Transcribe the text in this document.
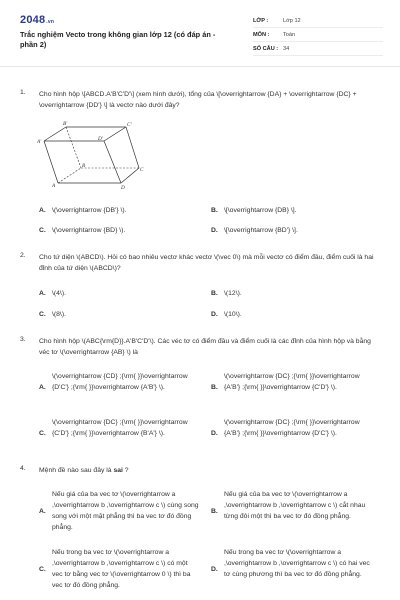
2048.vn
Trắc nghiệm Vecto trong không gian lớp 12 (có đáp án - phần 2)
LỚP :	Lớp 12
MÔN :	Toán
SỐ CÂU : 34
1. Cho hình hộp \[ABCD.A'B'C'D'\] (xem hình dưới), tổng của \[\overrightarrow {DA} + \overrightarrow {DC} + \overrightarrow {DD'} \] là vectơ nào dưới đây?
A. \(\overrightarrow {DB'} \).	B. \[\overrightarrow {DB} \].
C. \(\overrightarrow {BD} \).	D. \[\overrightarrow {BD'} \].
B'	C'
A'	D'
B
C
A	D
2. Cho tứ diện \(ABCD\). Hỏi có bao nhiêu vectơ khác vectơ \(\vec 0\) mà mỗi vectơ có điểm đầu, điểm cuối là hai đỉnh của tứ diện \(ABCD\)?
A. \(4\).	B. \(12\).
C. \(8\).	D. \(10\).
3. Cho hình hộp \(ABC{\rm{D}}.A'B'C'D'\). Các véc tơ có điểm đầu và điểm cuối là các đỉnh của hình hộp và bằng véc tơ \(\overrightarrow {AB} \) là
A.
\(\overrightarrow {CD} ;{\rm{ }}\overrightarrow {D'C'} ;{\rm{ }}\overrightarrow {A'B'} \).	B.
\(\overrightarrow {DC} ;{\rm{ }}\overrightarrow {A'B'} ;{\rm{ }}\overrightarrow {C'D'} \).
C.
\(\overrightarrow {DC} ;{\rm{ }}\overrightarrow {C'D'} ;{\rm{ }}\overrightarrow {B'A'} \).	D.
\(\overrightarrow {DC} ;{\rm{ }}\overrightarrow {A'B'} ;{\rm{ }}\overrightarrow {D'C'} \).
4. Mệnh đề nào sau đây là sai ?
A.
Nếu giá của ba vec tơ \(\overrightarrow a ,\overrightarrow b ,\overrightarrow c \) cùng song song với một mặt phẳng thì ba vec tơ đó đồng phẳng.
B.
Nếu giá của ba vec tơ \(\overrightarrow a ,\overrightarrow b ,\overrightarrow c \) cắt nhau từng đôi một thì ba vec tơ đó đồng phẳng.
C.
Nếu trong ba vec tơ \(\overrightarrow a ,\overrightarrow b ,\overrightarrow c \) có một vec tơ bằng vec tơ \(\overrightarrow 0 \) thì ba vec tơ đó đồng phẳng.
D.
Nếu trong ba vec tơ \(\overrightarrow a ,\overrightarrow b ,\overrightarrow c \) có hai vec tơ cùng phương thì ba vec tơ đó đồng phẳng.
